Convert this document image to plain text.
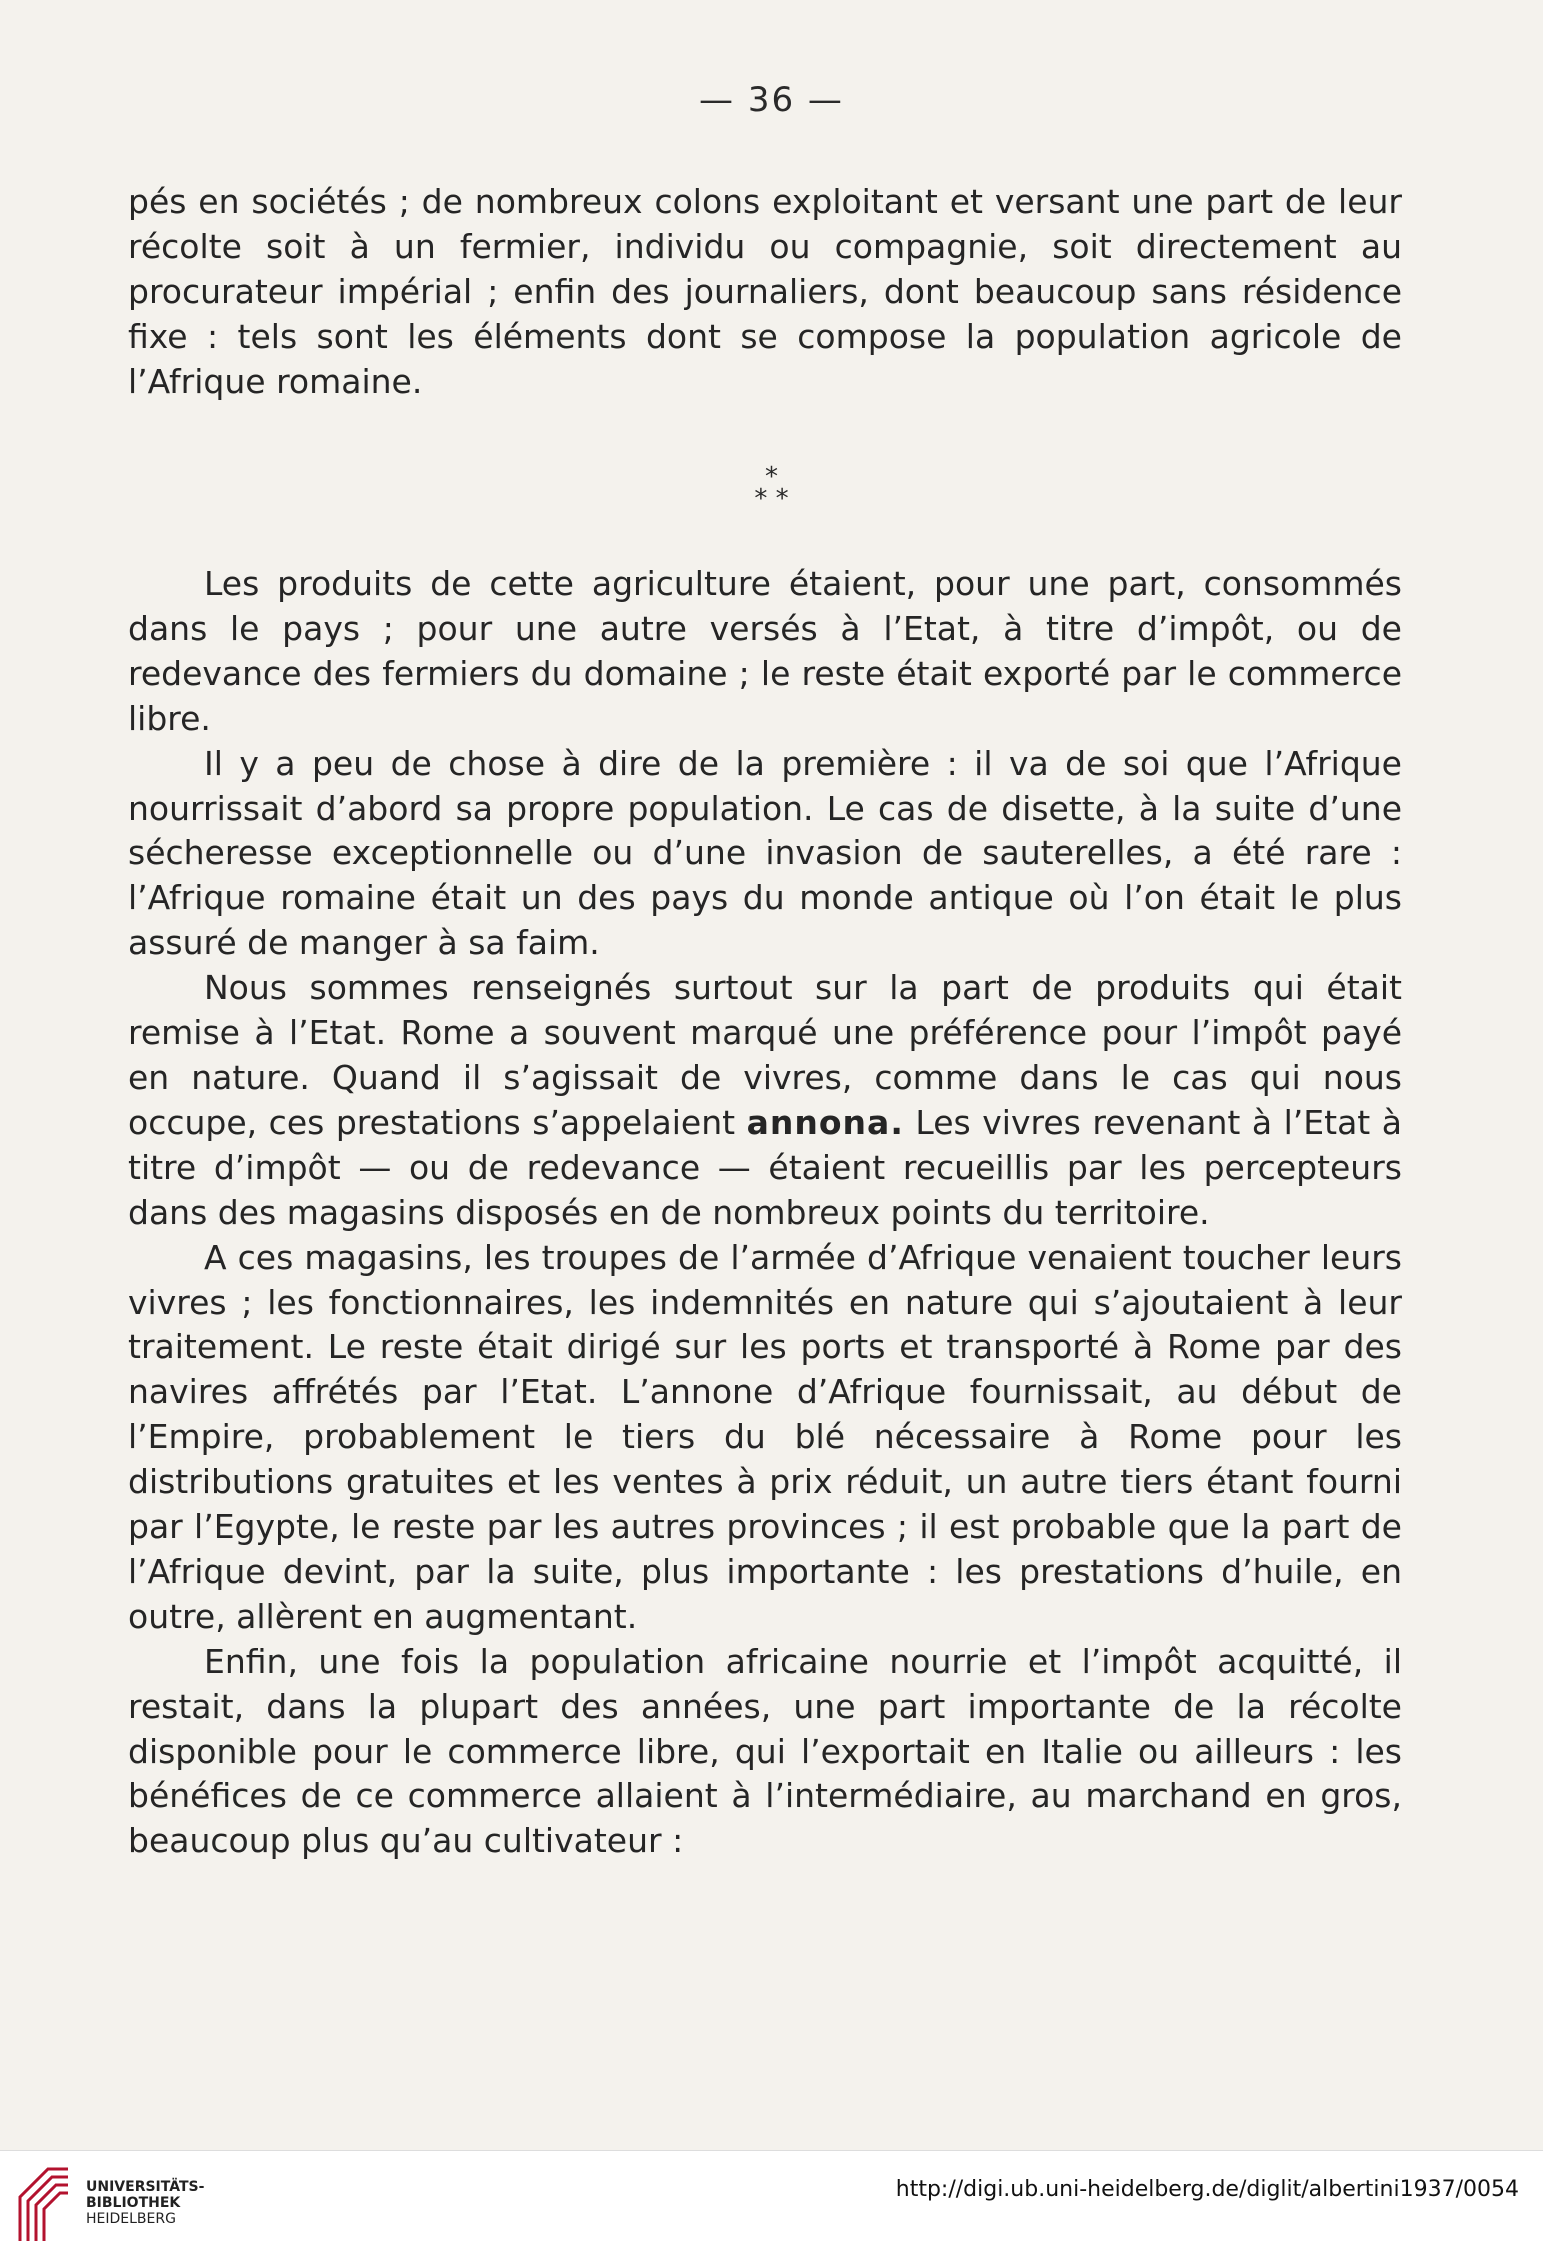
— 36 —

pés en sociétés ; de nombreux colons exploitant et versant une part de leur récolte soit à un fermier, individu ou compagnie, soit directement au procurateur impérial ; enfin des journaliers, dont beaucoup sans résidence fixe : tels sont les éléments dont se compose la population agricole de l’Afrique romaine.

*
* *

Les produits de cette agriculture étaient, pour une part, consommés dans le pays ; pour une autre versés à l’Etat, à titre d’impôt, ou de redevance des fermiers du domaine ; le reste était exporté par le commerce libre.

Il y a peu de chose à dire de la première : il va de soi que l’Afrique nourrissait d’abord sa propre population. Le cas de disette, à la suite d’une sécheresse exceptionnelle ou d’une invasion de sauterelles, a été rare : l’Afrique romaine était un des pays du monde antique où l’on était le plus assuré de manger à sa faim.

Nous sommes renseignés surtout sur la part de produits qui était remise à l’Etat. Rome a souvent marqué une préférence pour l’impôt payé en nature. Quand il s’agissait de vivres, comme dans le cas qui nous occupe, ces prestations s’appelaient annona. Les vivres revenant à l’Etat à titre d’impôt — ou de redevance — étaient recueillis par les percepteurs dans des magasins disposés en de nombreux points du territoire.

A ces magasins, les troupes de l’armée d’Afrique venaient toucher leurs vivres ; les fonctionnaires, les indemnités en nature qui s’ajoutaient à leur traitement. Le reste était dirigé sur les ports et transporté à Rome par des navires affrétés par l’Etat. L’annone d’Afrique fournissait, au début de l’Empire, probablement le tiers du blé nécessaire à Rome pour les distributions gratuites et les ventes à prix réduit, un autre tiers étant fourni par l’Egypte, le reste par les autres provinces ; il est probable que la part de l’Afrique devint, par la suite, plus importante : les prestations d’huile, en outre, allèrent en augmentant.

Enfin, une fois la population africaine nourrie et l’impôt acquitté, il restait, dans la plupart des années, une part importante de la récolte disponible pour le commerce libre, qui l’exportait en Italie ou ailleurs : les bénéfices de ce commerce allaient à l’intermédiaire, au marchand en gros, beaucoup plus qu’au cultivateur :

UNIVERSITÄTS-
BIBLIOTHEK
HEIDELBERG
http://digi.ub.uni-heidelberg.de/diglit/albertini1937/0054
